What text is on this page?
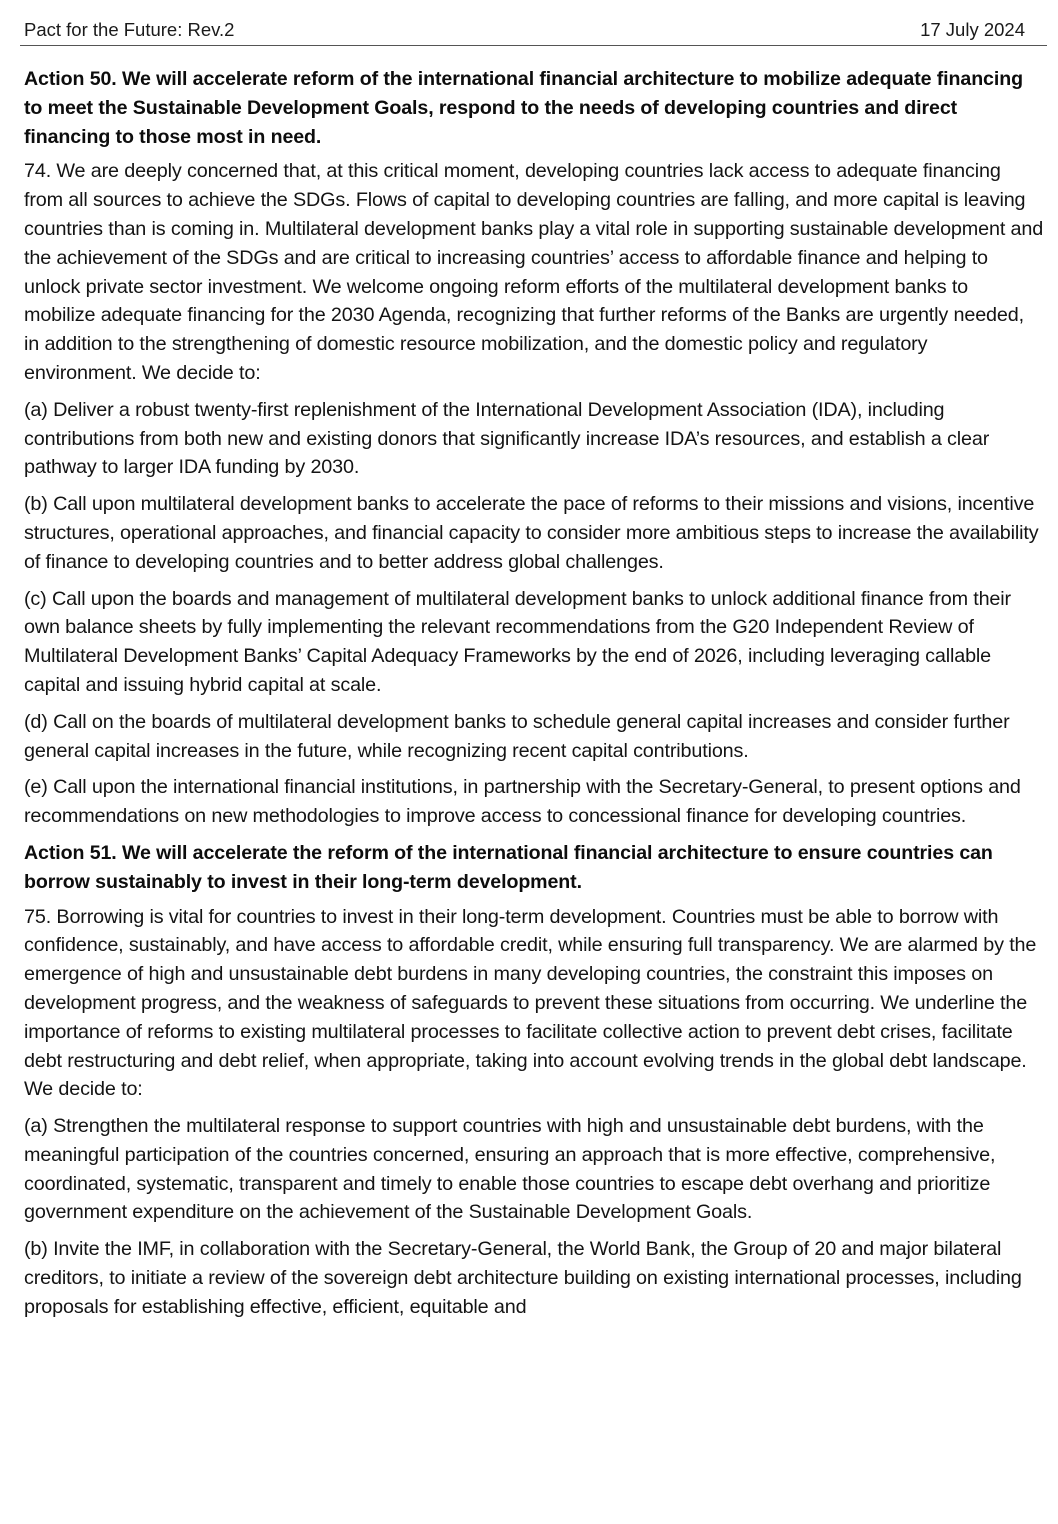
Pact for the Future: Rev.2	17 July 2024
Action 50. We will accelerate reform of the international financial architecture to mobilize adequate financing to meet the Sustainable Development Goals, respond to the needs of developing countries and direct financing to those most in need.

74. We are deeply concerned that, at this critical moment, developing countries lack access to adequate financing from all sources to achieve the SDGs. Flows of capital to developing countries are falling, and more capital is leaving countries than is coming in. Multilateral development banks play a vital role in supporting sustainable development and the achievement of the SDGs and are critical to increasing countries’ access to affordable finance and helping to unlock private sector investment. We welcome ongoing reform efforts of the multilateral development banks to mobilize adequate financing for the 2030 Agenda, recognizing that further reforms of the Banks are urgently needed, in addition to the strengthening of domestic resource mobilization, and the domestic policy and regulatory environment. We decide to:

(a) Deliver a robust twenty-first replenishment of the International Development Association (IDA), including contributions from both new and existing donors that significantly increase IDA’s resources, and establish a clear pathway to larger IDA funding by 2030.

(b) Call upon multilateral development banks to accelerate the pace of reforms to their missions and visions, incentive structures, operational approaches, and financial capacity to consider more ambitious steps to increase the availability of finance to developing countries and to better address global challenges.

(c) Call upon the boards and management of multilateral development banks to unlock additional finance from their own balance sheets by fully implementing the relevant recommendations from the G20 Independent Review of Multilateral Development Banks’ Capital Adequacy Frameworks by the end of 2026, including leveraging callable capital and issuing hybrid capital at scale.

(d) Call on the boards of multilateral development banks to schedule general capital increases and consider further general capital increases in the future, while recognizing recent capital contributions.

(e) Call upon the international financial institutions, in partnership with the Secretary-General, to present options and recommendations on new methodologies to improve access to concessional finance for developing countries.

Action 51. We will accelerate the reform of the international financial architecture to ensure countries can borrow sustainably to invest in their long-term development.

75. Borrowing is vital for countries to invest in their long-term development. Countries must be able to borrow with confidence, sustainably, and have access to affordable credit, while ensuring full transparency. We are alarmed by the emergence of high and unsustainable debt burdens in many developing countries, the constraint this imposes on development progress, and the weakness of safeguards to prevent these situations from occurring. We underline the importance of reforms to existing multilateral processes to facilitate collective action to prevent debt crises, facilitate debt restructuring and debt relief, when appropriate, taking into account evolving trends in the global debt landscape. We decide to:

(a) Strengthen the multilateral response to support countries with high and unsustainable debt burdens, with the meaningful participation of the countries concerned, ensuring an approach that is more effective, comprehensive, coordinated, systematic, transparent and timely to enable those countries to escape debt overhang and prioritize government expenditure on the achievement of the Sustainable Development Goals.

(b) Invite the IMF, in collaboration with the Secretary-General, the World Bank, the Group of 20 and major bilateral creditors, to initiate a review of the sovereign debt architecture building on existing international processes, including proposals for establishing effective, efficient, equitable and
